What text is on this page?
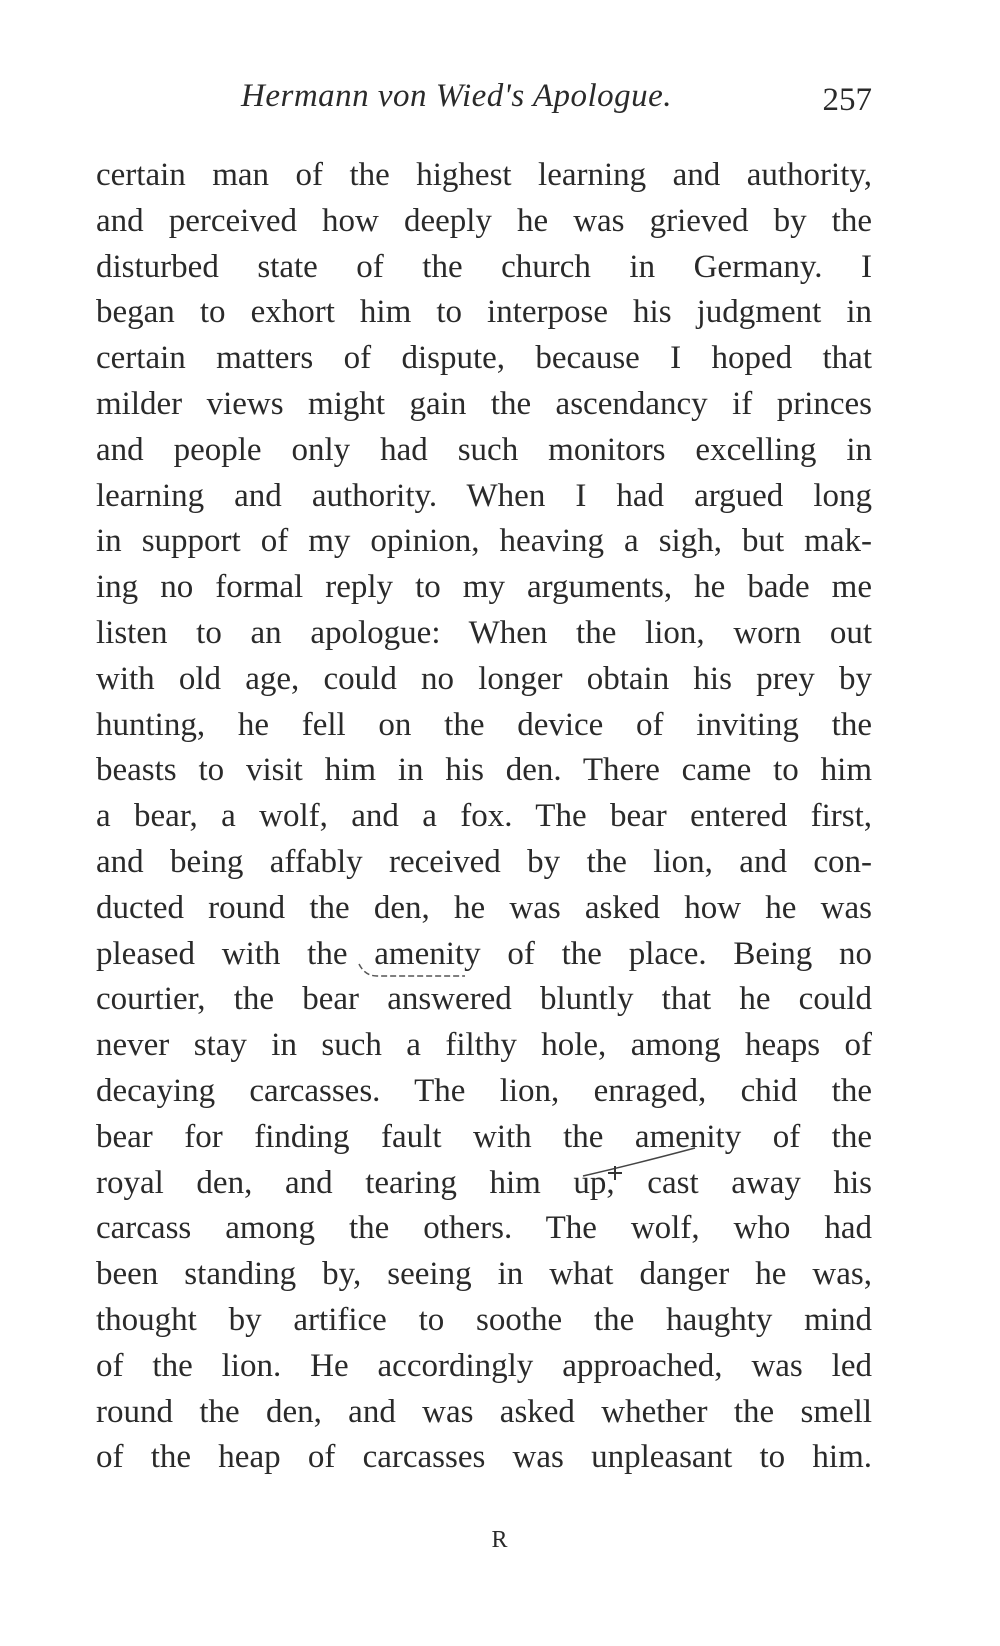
Hermann von Wied's Apologue.	257
certain man of the highest learning and authority,
and perceived how deeply he was grieved by the
disturbed state of the church in Germany. I
began to exhort him to interpose his judgment in
certain matters of dispute, because I hoped that
milder views might gain the ascendancy if princes
and people only had such monitors excelling in
learning and authority. When I had argued long
in support of my opinion, heaving a sigh, but mak-
ing no formal reply to my arguments, he bade me
listen to an apologue: When the lion, worn out
with old age, could no longer obtain his prey by
hunting, he fell on the device of inviting the
beasts to visit him in his den. There came to him
a bear, a wolf, and a fox. The bear entered first,
and being affably received by the lion, and con-
ducted round the den, he was asked how he was
pleased with the amenity of the place. Being no
courtier, the bear answered bluntly that he could
never stay in such a filthy hole, among heaps of
decaying carcasses. The lion, enraged, chid the
bear for finding fault with the amenity of the
royal den, and tearing him up, cast away his
carcass among the others. The wolf, who had
been standing by, seeing in what danger he was,
thought by artifice to soothe the haughty mind
of the lion. He accordingly approached, was led
round the den, and was asked whether the smell
of the heap of carcasses was unpleasant to him.
R
